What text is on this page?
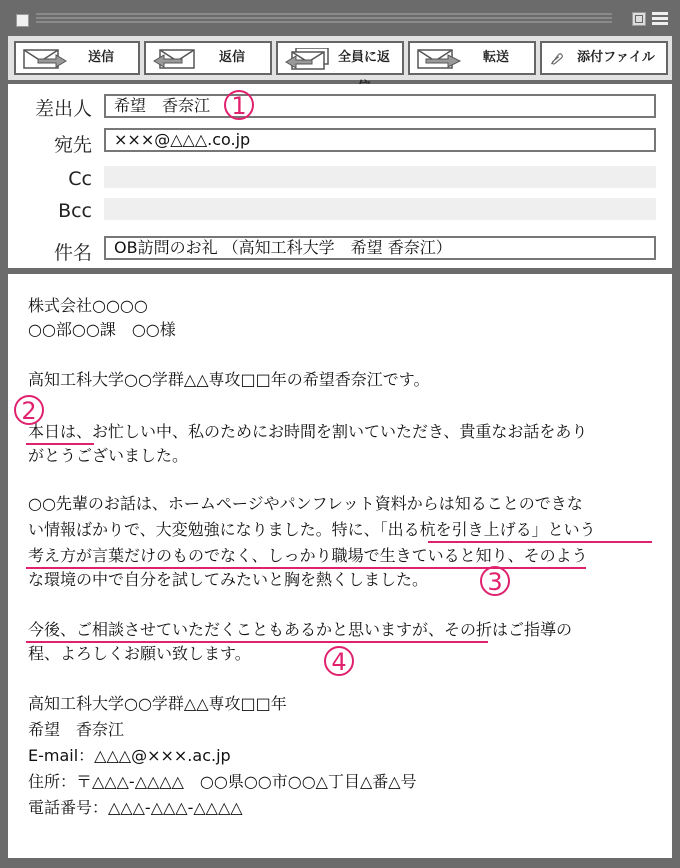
送信	返信	全員に返	転送	添付ファイル
差出人	希望　香奈江 1
宛先	×××@△△△.co.jp
Cc
Bcc
件名	OB訪問のお礼 （高知工科大学　希望 香奈江）
株式会社○○○○
○○部○○課　○○様
高知工科大学○○学群△△専攻□□年の希望香奈江です。
2
本日は、お忙しい中、私のためにお時間を割いていただき、貴重なお話をあり
がとうございました。
○○先輩のお話は、ホームページやパンフレット資料からは知ることのできな
い情報ばかりで、大変勉強になりました。特に、「出る杭を引き上げる」という
考え方が言葉だけのものでなく、しっかり職場で生きていると知り、そのよう
な環境の中で自分を試してみたいと胸を熱くしました。	3
今後、ご相談させていただくこともあるかと思いますが、その折はご指導の
程、よろしくお願い致します。	4
高知工科大学○○学群△△専攻□□年
希望　香奈江
E-mail：△△△@×××.ac.jp
住所：〒△△△-△△△△　○○県○○市○○△丁目△番△号
電話番号：△△△-△△△-△△△△
